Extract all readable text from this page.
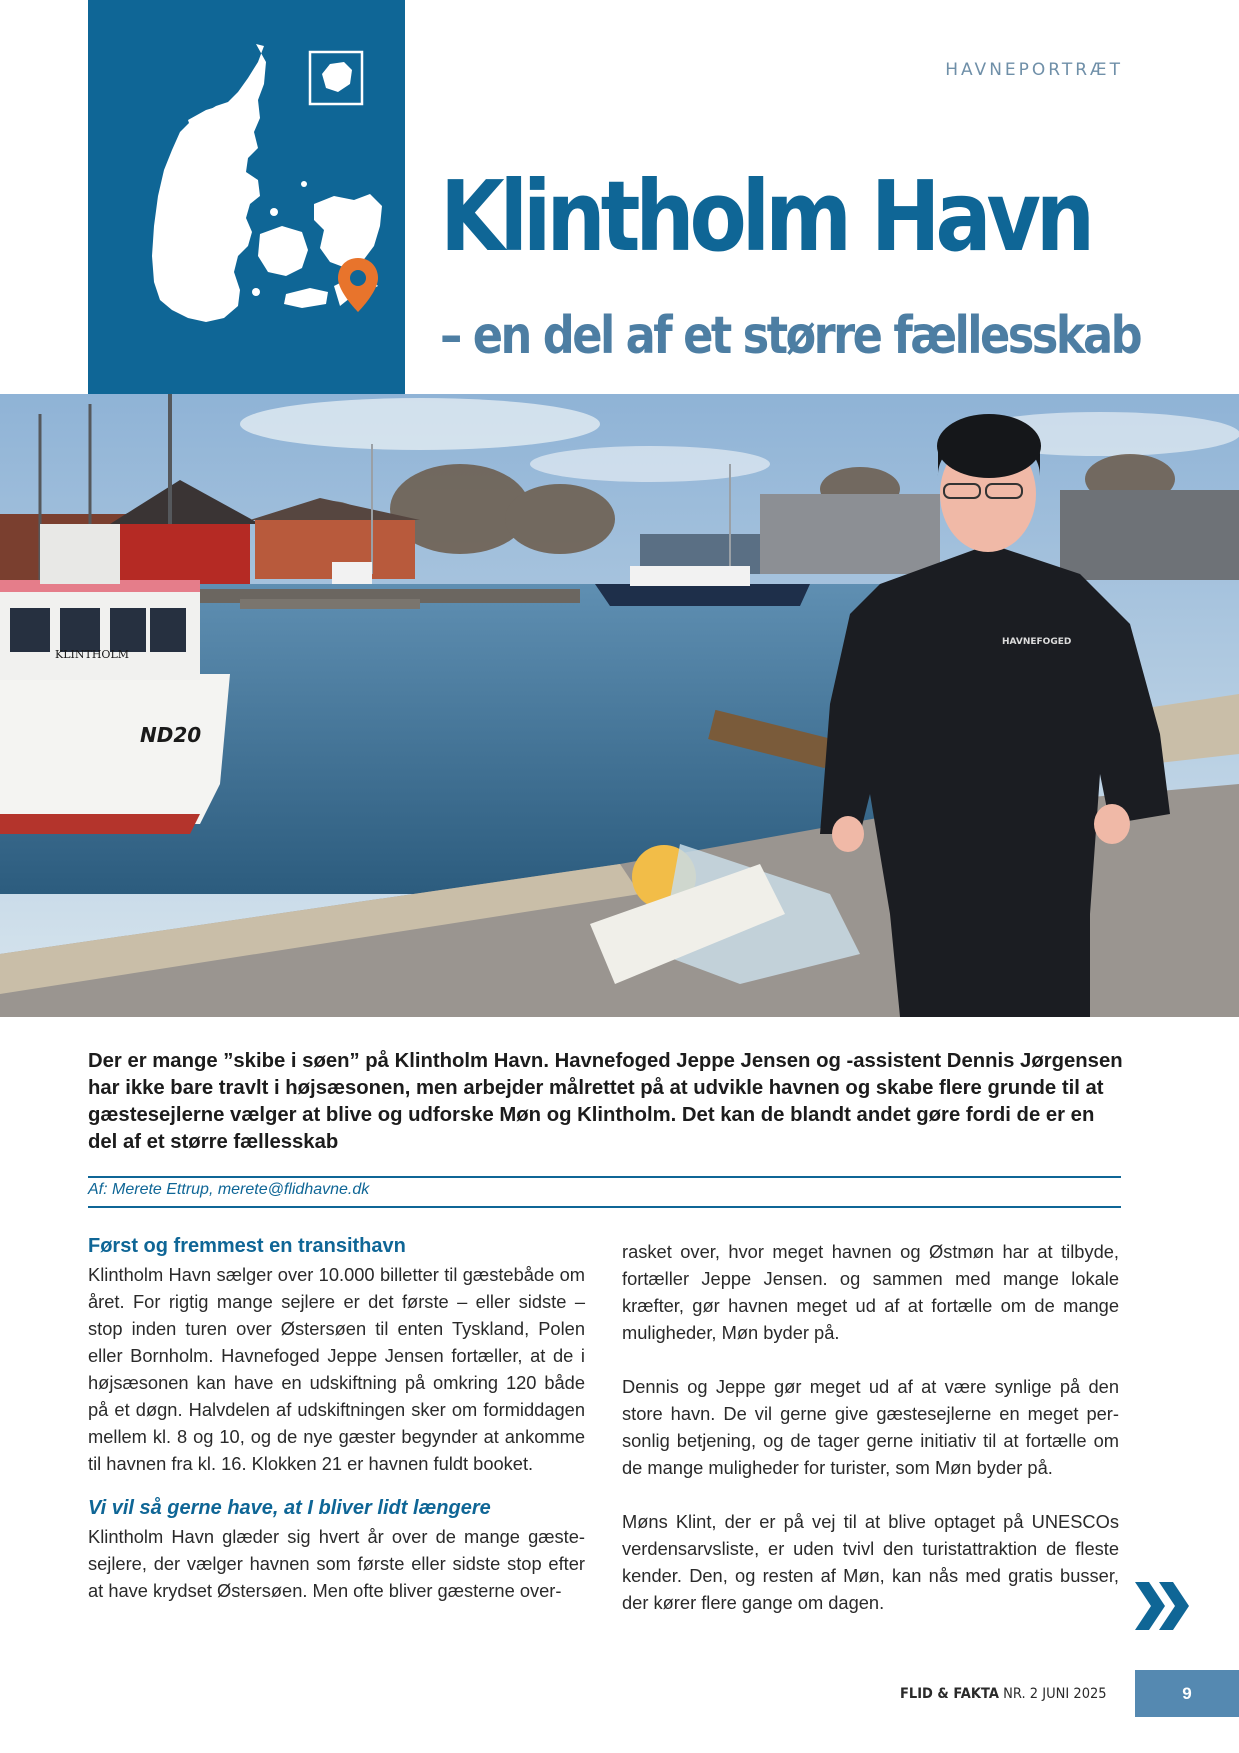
HAVNEPORTRÆT
Klintholm Havn
– en del af et større fællesskab
KLINTHOLM
ND20
HAVNEFOGED
Der er mange ”skibe i søen” på Klintholm Havn. Havnefoged Jeppe Jensen og -assistent Dennis Jørgensen har ikke bare travlt i højsæsonen, men arbejder målrettet på at udvikle havnen og skabe flere grunde til at gæstesejlerne vælger at blive og udforske Møn og Klintholm. Det kan de blandt andet gøre fordi de er en del af et større fællesskab
Af: Merete Ettrup, merete@flidhavne.dk
Først og fremmest en transithavn

Klintholm Havn sælger over 10.000 billetter til gæstebåde om året. For rigtig mange sejlere er det første – eller sidste – stop inden turen over Østersøen til enten Tyskland, Polen eller Bornholm. Havnefoged Jeppe Jensen fortæller, at de i højsæsonen kan have en udskiftning på omkring 120 både på et døgn. Halvdelen af udskiftningen sker om formiddagen mellem kl. 8 og 10, og de nye gæster begynder at ankomme til havnen fra kl. 16. Klokken 21 er havnen fuldt booket.

Vi vil så gerne have, at I bliver lidt længere

Klintholm Havn glæder sig hvert år over de mange gæstesejlere, der vælger havnen som første eller sidste stop efter at have krydset Østersøen. Men ofte bliver gæsterne over-

rasket over, hvor meget havnen og Østmøn har at tilbyde, fortæller Jeppe Jensen. og sammen med mange lokale kræfter, gør havnen meget ud af at fortælle om de mange muligheder, Møn byder på.

Dennis og Jeppe gør meget ud af at være synlige på den store havn. De vil gerne give gæstesejlerne en meget personlig betjening, og de tager gerne initiativ til at fortælle om de mange muligheder for turister, som Møn byder på.

Møns Klint, der er på vej til at blive optaget på UNESCOs verdensarvsliste, er uden tvivl den turistattraktion de fleste kender. Den, og resten af Møn, kan nås med gratis busser, der kører flere gange om dagen.

FLID & FAKTA NR. 2 JUNI 2025	9
